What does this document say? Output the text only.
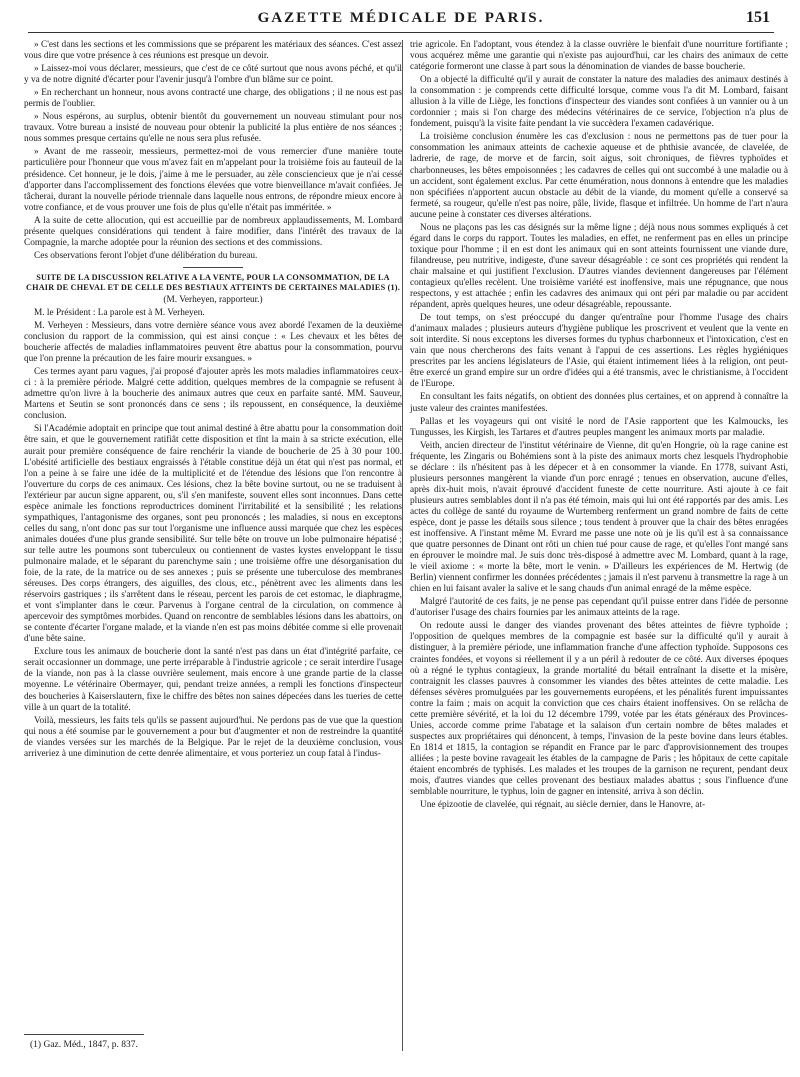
GAZETTE MÉDICALE DE PARIS.	151

» C'est dans les sections et les commissions que se préparent les matériaux des séances. C'est assez vous dire que votre présence à ces réunions est presque un devoir.

» Laissez-moi vous déclarer, messieurs, que c'est de ce côté surtout que nous avons péché, et qu'il y va de notre dignité d'écarter pour l'avenir jusqu'à l'ombre d'un blâme sur ce point.

» En recherchant un honneur, nous avons contracté une charge, des obligations ; il ne nous est pas permis de l'oublier.

» Nous espérons, au surplus, obtenir bientôt du gouvernement un nouveau stimulant pour nos travaux. Votre bureau a insisté de nouveau pour obtenir la publicité la plus entière de nos séances ; nous sommes presque certains qu'elle ne nous sera plus refusée.

» Avant de me rasseoir, messieurs, permettez-moi de vous remercier d'une manière toute particulière pour l'honneur que vous m'avez fait en m'appelant pour la troisième fois au fauteuil de la présidence. Cet honneur, je le dois, j'aime à me le persuader, au zèle consciencieux que je n'ai cessé d'apporter dans l'accomplissement des fonctions élevées que votre bienveillance m'avait confiées. Je tâcherai, durant la nouvelle période triennale dans laquelle nous entrons, de répondre mieux encore à votre confiance, et de vous prouver une fois de plus qu'elle n'était pas imméritée. »

A la suite de cette allocution, qui est accueillie par de nombreux applaudissements, M. Lombard présente quelques considérations qui tendent à faire modifier, dans l'intérêt des travaux de la Compagnie, la marche adoptée pour la réunion des sections et des commissions.

Ces observations feront l'objet d'une délibération du bureau.

SUITE DE LA DISCUSSION RELATIVE A LA VENTE, POUR LA CONSOMMATION, DE LA CHAIR DE CHEVAL ET DE CELLE DES BESTIAUX ATTEINTS DE CERTAINES MALADIES (1).

(M. Verheyen, rapporteur.)

M. le Président : La parole est à M. Verheyen.

M. Verheyen : Messieurs, dans votre dernière séance vous avez abordé l'examen de la deuxième conclusion du rapport de la commission, qui est ainsi conçue : « Les chevaux et les bêtes de boucherie affectés de maladies inflammatoires peuvent être abattus pour la consommation, pourvu que l'on prenne la précaution de les faire mourir exsangues. »

Ces termes ayant paru vagues, j'ai proposé d'ajouter après les mots maladies inflammatoires ceux-ci : à la première période. Malgré cette addition, quelques membres de la compagnie se refusent à admettre qu'on livre à la boucherie des animaux autres que ceux en parfaite santé. MM. Sauveur, Martens et Seutin se sont prononcés dans ce sens ; ils repoussent, en conséquence, la deuxième conclusion.

Si l'Académie adoptait en principe que tout animal destiné à être abattu pour la consommation doit être sain, et que le gouvernement ratifiât cette disposition et tînt la main à sa stricte exécution, elle aurait pour première conséquence de faire renchérir la viande de boucherie de 25 à 30 pour 100. L'obésité artificielle des bestiaux engraissés à l'étable constitue déjà un état qui n'est pas normal, et l'on a peine à se faire une idée de la multiplicité et de l'étendue des lésions que l'on rencontre à l'ouverture du corps de ces animaux. Ces lésions, chez la bête bovine surtout, ou ne se traduisent à l'extérieur par aucun signe apparent, ou, s'il s'en manifeste, souvent elles sont inconnues. Dans cette espèce animale les fonctions reproductrices dominent l'irritabilité et la sensibilité ; les relations sympathiques, l'antagonisme des organes, sont peu prononcés ; les maladies, si nous en exceptons celles du sang, n'ont donc pas sur tout l'organisme une influence aussi marquée que chez les espèces animales douées d'une plus grande sensibilité. Sur telle bête on trouve un lobe pulmonaire hépatisé ; sur telle autre les poumons sont tuberculeux ou contiennent de vastes kystes enveloppant le tissu pulmonaire malade, et le séparant du parenchyme sain ; une troisième offre une désorganisation du foie, de la rate, de la matrice ou de ses annexes ; puis se présente une tuberculose des membranes séreuses. Des corps étrangers, des aiguilles, des clous, etc., pénètrent avec les aliments dans les réservoirs gastriques ; ils s'arrêtent dans le réseau, percent les parois de cet estomac, le diaphragme, et vont s'implanter dans le cœur. Parvenus à l'organe central de la circulation, on commence à apercevoir des symptômes morbides. Quand on rencontre de semblables lésions dans les abattoirs, on se contente d'écarter l'organe malade, et la viande n'en est pas moins débitée comme si elle provenait d'une bête saine.

Exclure tous les animaux de boucherie dont la santé n'est pas dans un état d'intégrité parfaite, ce serait occasionner un dommage, une perte irréparable à l'industrie agricole ; ce serait interdire l'usage de la viande, non pas à la classe ouvrière seulement, mais encore à une grande partie de la classe moyenne. Le vétérinaire Obermayer, qui, pendant treize années, a rempli les fonctions d'inspecteur des boucheries à Kaiserslautern, fixe le chiffre des bêtes non saines dépecées dans les tueries de cette ville à un quart de la totalité.

Voilà, messieurs, les faits tels qu'ils se passent aujourd'hui. Ne perdons pas de vue que la question qui nous a été soumise par le gouvernement a pour but d'augmenter et non de restreindre la quantité de viandes versées sur les marchés de la Belgique. Par le rejet de la deuxième conclusion, vous arriveriez à une diminution de cette denrée alimentaire, et vous porteriez un coup fatal à l'indus-

trie agricole. En l'adoptant, vous étendez à la classe ouvrière le bienfait d'une nourriture fortifiante ; vous acquérez même une garantie qui n'existe pas aujourd'hui, car les chairs des animaux de cette catégorie formeront une classe à part sous la dénomination de viandes de basse boucherie.

On a objecté la difficulté qu'il y aurait de constater la nature des maladies des animaux destinés à la consommation : je comprends cette difficulté lorsque, comme vous l'a dit M. Lombard, faisant allusion à la ville de Liège, les fonctions d'inspecteur des viandes sont confiées à un vannier ou à un cordonnier ; mais si l'on charge des médecins vétérinaires de ce service, l'objection n'a plus de fondement, puisqu'à la visite faite pendant la vie succèdera l'examen cadavérique.

La troisième conclusion énumère les cas d'exclusion : nous ne permettons pas de tuer pour la consommation les animaux atteints de cachexie aqueuse et de phthisie avancée, de clavelée, de ladrerie, de rage, de morve et de farcin, soit aigus, soit chroniques, de fièvres typhoïdes et charbonneuses, les bêtes empoisonnées ; les cadavres de celles qui ont succombé à une maladie ou à un accident, sont également exclus. Par cette énumération, nous donnons à entendre que les maladies non spécifiées n'apportent aucun obstacle au débit de la viande, du moment qu'elle a conservé sa fermeté, sa rougeur, qu'elle n'est pas noire, pâle, livide, flasque et infiltrée. Un homme de l'art n'aura aucune peine à constater ces diverses altérations.

Nous ne plaçons pas les cas désignés sur la même ligne ; déjà nous nous sommes expliqués à cet égard dans le corps du rapport. Toutes les maladies, en effet, ne renferment pas en elles un principe toxique pour l'homme ; il en est dont les animaux qui en sont atteints fournissent une viande dure, filandreuse, peu nutritive, indigeste, d'une saveur désagréable : ce sont ces propriétés qui rendent la chair malsaine et qui justifient l'exclusion. D'autres viandes deviennent dangereuses par l'élément contagieux qu'elles recèlent. Une troisième variété est inoffensive, mais une répugnance, que nous respectons, y est attachée ; enfin les cadavres des animaux qui ont péri par maladie ou par accident répandent, après quelques heures, une odeur désagréable, repoussante.

De tout temps, on s'est préoccupé du danger qu'entraîne pour l'homme l'usage des chairs d'animaux malades ; plusieurs auteurs d'hygiène publique les proscrivent et veulent que la vente en soit interdite. Si nous exceptons les diverses formes du typhus charbonneux et l'intoxication, c'est en vain que nous chercherons des faits venant à l'appui de ces assertions. Les règles hygiéniques prescrites par les anciens législateurs de l'Asie, qui étaient intimement liées à la religion, ont peut-être exercé un grand empire sur un ordre d'idées qui a été transmis, avec le christianisme, à l'occident de l'Europe.

En consultant les faits négatifs, on obtient des données plus certaines, et on apprend à connaître la juste valeur des craintes manifestées.

Pallas et les voyageurs qui ont visité le nord de l'Asie rapportent que les Kalmoucks, les Tungusses, les Kirgish, les Tartares et d'autres peuples mangent les animaux morts par maladie.

Veith, ancien directeur de l'institut vétérinaire de Vienne, dit qu'en Hongrie, où la rage canine est fréquente, les Zingaris ou Bohémiens sont à la piste des animaux morts chez lesquels l'hydrophobie se déclare : ils n'hésitent pas à les dépecer et à en consommer la viande. En 1778, suivant Asti, plusieurs personnes mangèrent la viande d'un porc enragé ; tenues en observation, aucune d'elles, après dix-huit mois, n'avait éprouvé d'accident funeste de cette nourriture. Asti ajoute à ce fait plusieurs autres semblables dont il n'a pas été témoin, mais qui lui ont été rapportés par des amis. Les actes du collège de santé du royaume de Wurtemberg renferment un grand nombre de faits de cette espèce, dont je passe les détails sous silence ; tous tendent à prouver que la chair des bêtes enragées est inoffensive. A l'instant même M. Evrard me passe une note où je lis qu'il est à sa connaissance que quatre personnes de Dinant ont rôti un chien tué pour cause de rage, et qu'elles l'ont mangé sans en éprouver le moindre mal. Je suis donc très-disposé à admettre avec M. Lombard, quant à la rage, le vieil axiome : « morte la bête, mort le venin. » D'ailleurs les expériences de M. Hertwig (de Berlin) viennent confirmer les données précédentes ; jamais il n'est parvenu à transmettre la rage à un chien en lui faisant avaler la salive et le sang chauds d'un animal enragé de la même espèce.

Malgré l'autorité de ces faits, je ne pense pas cependant qu'il puisse entrer dans l'idée de personne d'autoriser l'usage des chairs fournies par les animaux atteints de la rage.

On redoute aussi le danger des viandes provenant des bêtes atteintes de fièvre typhoïde ; l'opposition de quelques membres de la compagnie est basée sur la difficulté qu'il y aurait à distinguer, à la première période, une inflammation franche d'une affection typhoïde. Supposons ces craintes fondées, et voyons si réellement il y a un péril à redouter de ce côté. Aux diverses époques où a régné le typhus contagieux, la grande mortalité du bétail entraînant la disette et la misère, contraignit les classes pauvres à consommer les viandes des bêtes atteintes de cette maladie. Les défenses sévères promulguées par les gouvernements européens, et les pénalités furent impuissantes contre la faim ; mais on acquit la conviction que ces chairs étaient inoffensives. On se relâcha de cette première sévérité, et la loi du 12 décembre 1799, votée par les états généraux des Provinces-Unies, accorde comme prime l'abatage et la salaison d'un certain nombre de bêtes malades et suspectes aux propriétaires qui dénoncent, à temps, l'invasion de la peste bovine dans leurs étables. En 1814 et 1815, la contagion se répandit en France par le parc d'approvisionnement des troupes alliées ; la peste bovine ravageait les étables de la campagne de Paris ; les hôpitaux de cette capitale étaient encombrés de typhisés. Les malades et les troupes de la garnison ne reçurent, pendant deux mois, d'autres viandes que celles provenant des bestiaux malades abattus ; sous l'influence d'une semblable nourriture, le typhus, loin de gagner en intensité, arriva à son déclin.

Une épizootie de clavelée, qui régnait, au siècle dernier, dans le Hanovre, at-

(1) Gaz. Méd., 1847, p. 837.
